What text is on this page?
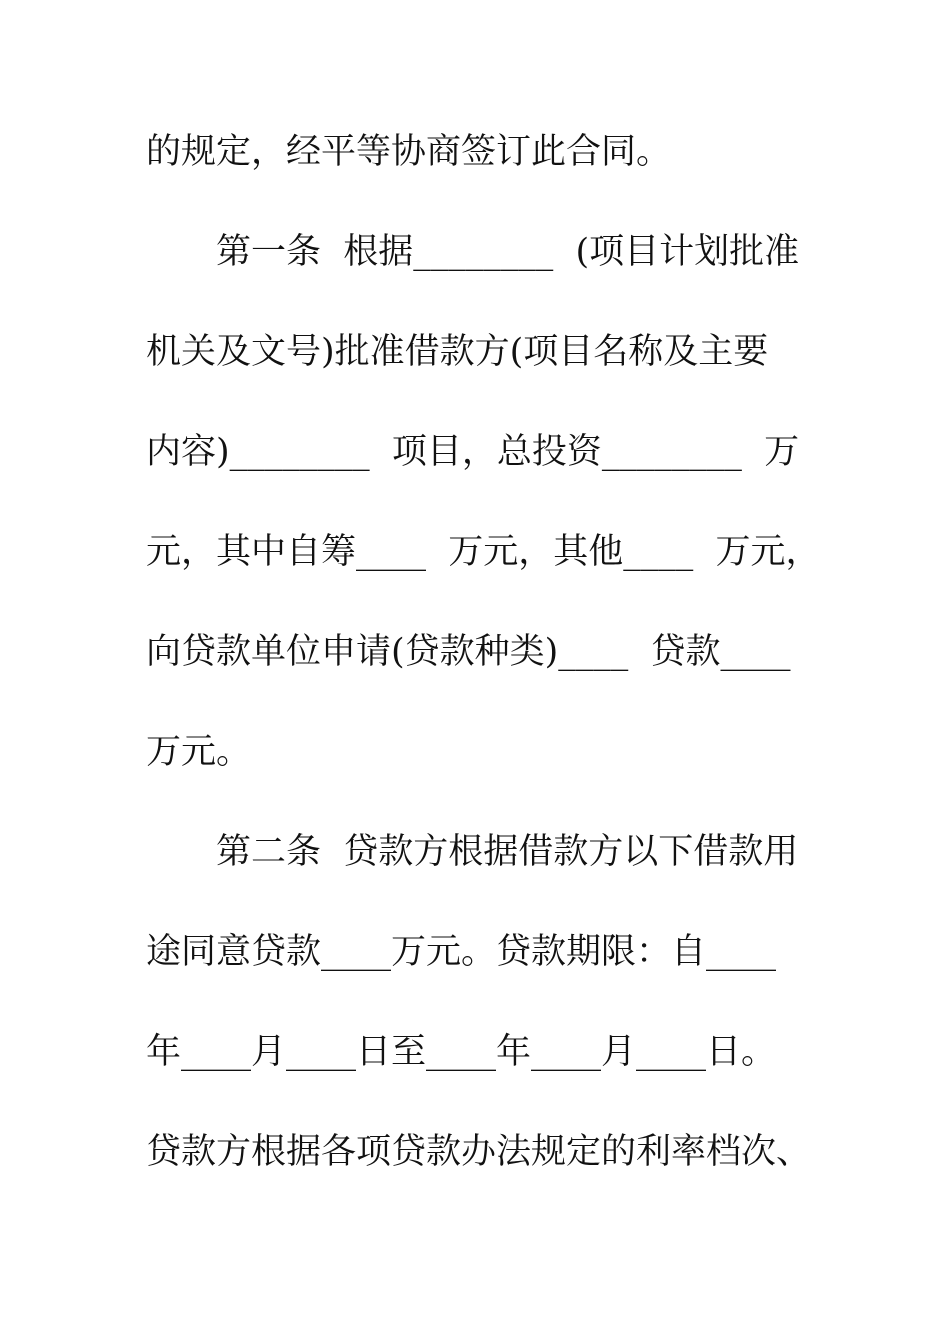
的规定，经平等协商签订此合同。
　　第一条  根据________  (项目计划批准
机关及文号)批准借款方(项目名称及主要
内容)________  项目，总投资________  万
元，其中自筹____  万元，其他____  万元，
向贷款单位申请(贷款种类)____  贷款____
万元。
　　第二条  贷款方根据借款方以下借款用
途同意贷款____万元。贷款期限：自____
年____月____日至____年____月____日。
贷款方根据各项贷款办法规定的利率档次、
